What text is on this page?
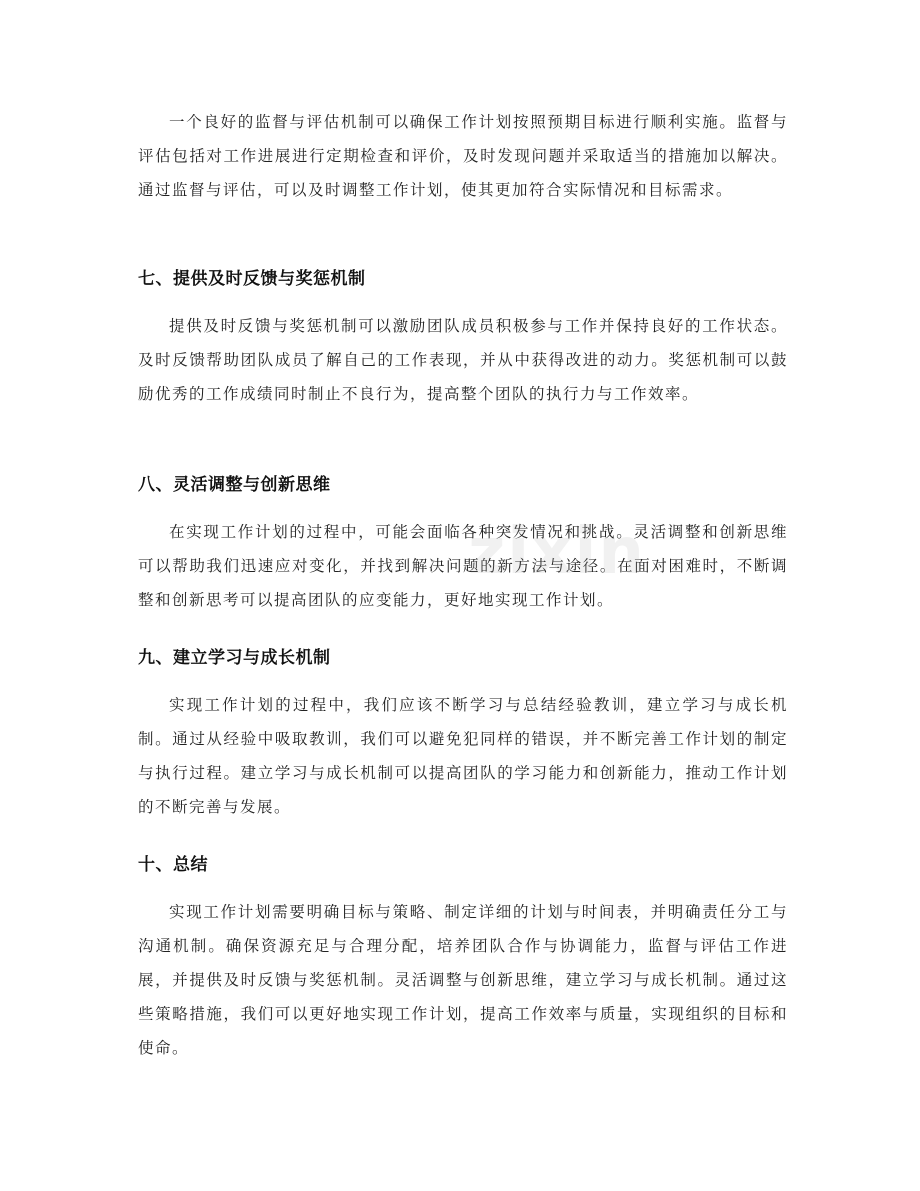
一个良好的监督与评估机制可以确保工作计划按照预期目标进行顺利实施。监督与评估包括对工作进展进行定期检查和评价，及时发现问题并采取适当的措施加以解决。通过监督与评估，可以及时调整工作计划，使其更加符合实际情况和目标需求。

七、提供及时反馈与奖惩机制

提供及时反馈与奖惩机制可以激励团队成员积极参与工作并保持良好的工作状态。及时反馈帮助团队成员了解自己的工作表现，并从中获得改进的动力。奖惩机制可以鼓励优秀的工作成绩同时制止不良行为，提高整个团队的执行力与工作效率。

八、灵活调整与创新思维

在实现工作计划的过程中，可能会面临各种突发情况和挑战。灵活调整和创新思维可以帮助我们迅速应对变化，并找到解决问题的新方法与途径。在面对困难时，不断调整和创新思考可以提高团队的应变能力，更好地实现工作计划。

九、建立学习与成长机制

实现工作计划的过程中，我们应该不断学习与总结经验教训，建立学习与成长机制。通过从经验中吸取教训，我们可以避免犯同样的错误，并不断完善工作计划的制定与执行过程。建立学习与成长机制可以提高团队的学习能力和创新能力，推动工作计划的不断完善与发展。

十、总结

实现工作计划需要明确目标与策略、制定详细的计划与时间表，并明确责任分工与沟通机制。确保资源充足与合理分配，培养团队合作与协调能力，监督与评估工作进展，并提供及时反馈与奖惩机制。灵活调整与创新思维，建立学习与成长机制。通过这些策略措施，我们可以更好地实现工作计划，提高工作效率与质量，实现组织的目标和使命。

zixin
